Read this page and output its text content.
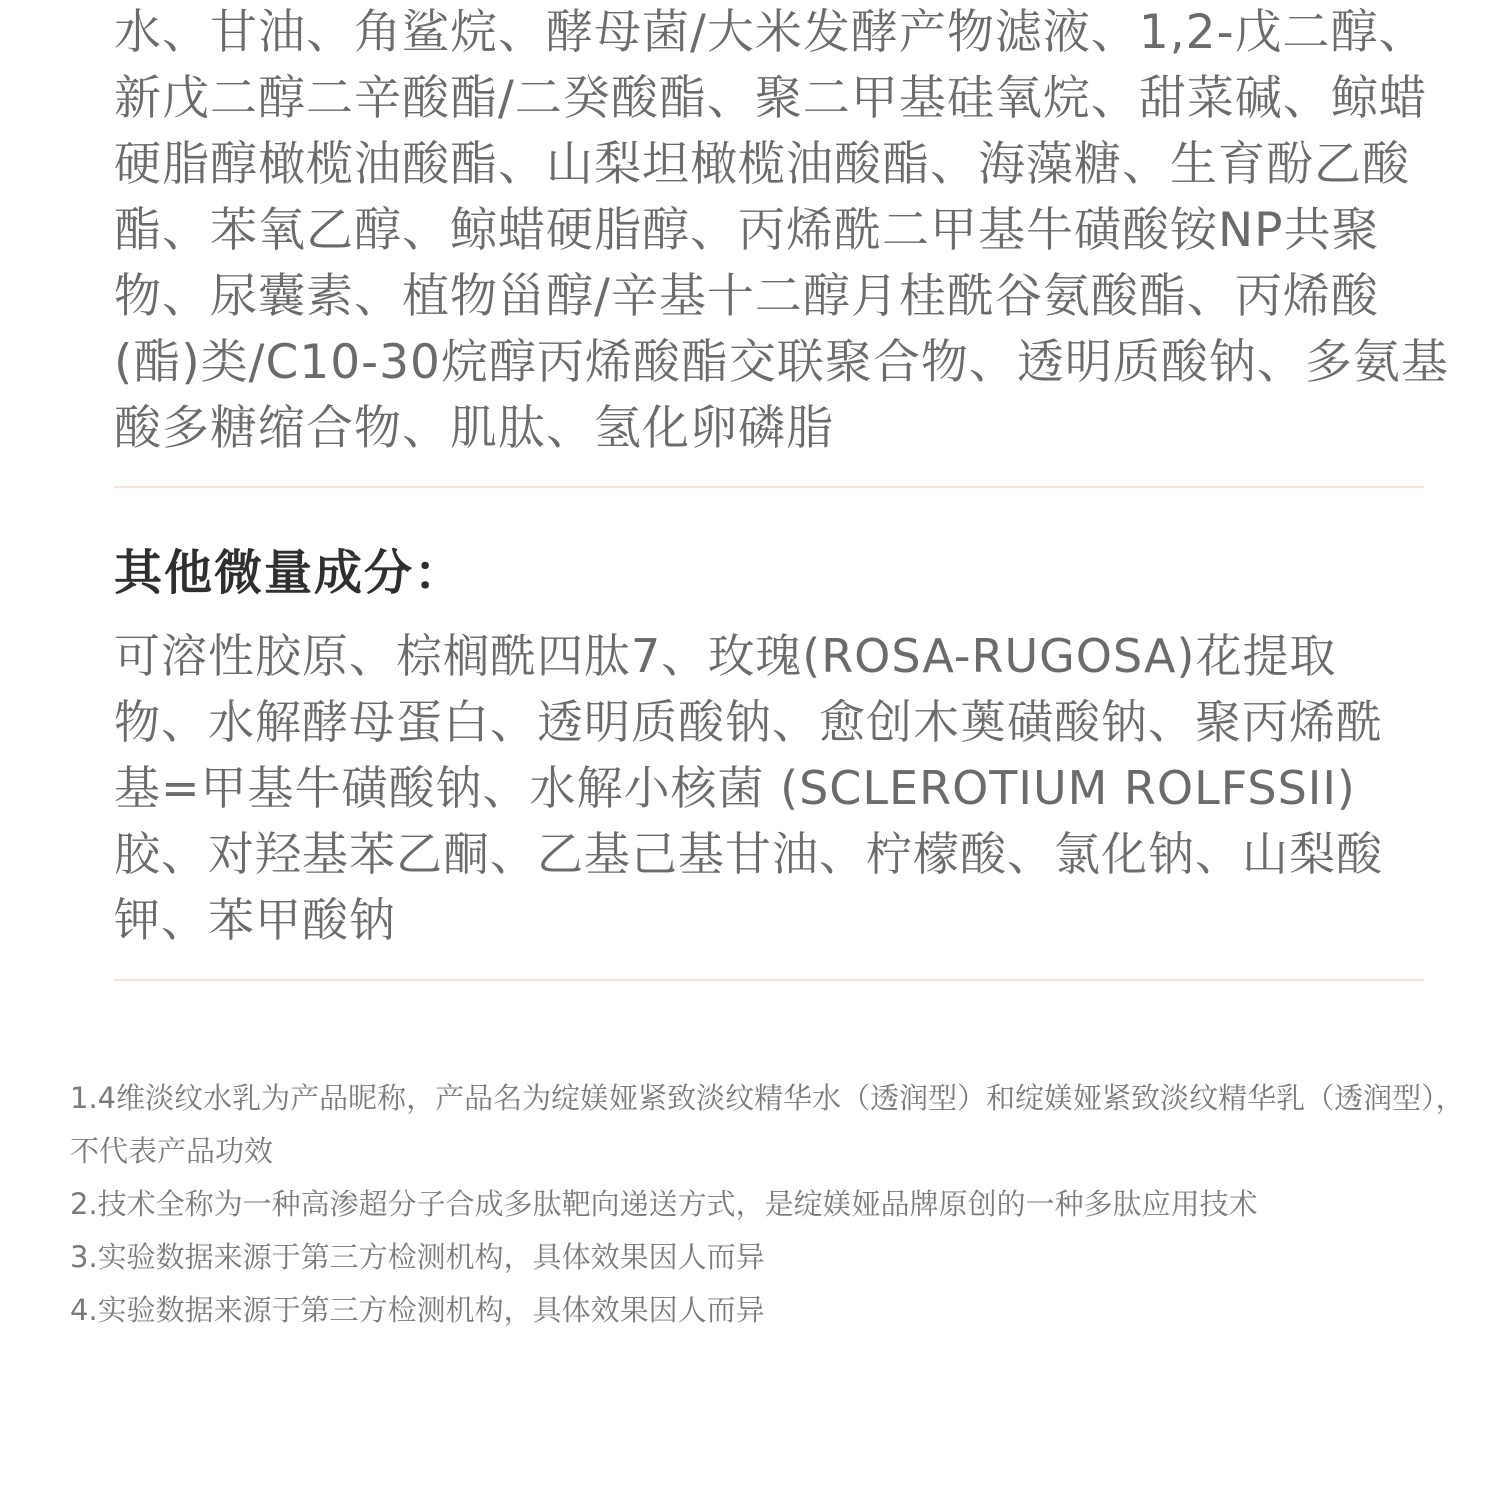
水、甘油、角鲨烷、酵母菌/大米发酵产物滤液、1,2-戊二醇、新戊二醇二辛酸酯/二癸酸酯、聚二甲基硅氧烷、甜菜碱、鲸蜡硬脂醇橄榄油酸酯、山梨坦橄榄油酸酯、海藻糖、生育酚乙酸酯、苯氧乙醇、鲸蜡硬脂醇、丙烯酰二甲基牛磺酸铵NP共聚物、尿囊素、植物甾醇/辛基十二醇月桂酰谷氨酸酯、丙烯酸(酯)类/C10-30烷醇丙烯酸酯交联聚合物、透明质酸钠、多氨基酸多糖缩合物、肌肽、氢化卵磷脂

其他微量成分：

可溶性胶原、棕榈酰四肽7、玫瑰(ROSA-RUGOSA)花提取物、水解酵母蛋白、透明质酸钠、愈创木薁磺酸钠、聚丙烯酰基=甲基牛磺酸钠、水解小核菌 (SCLEROTIUM ROLFSSII)胶、对羟基苯乙酮、乙基己基甘油、柠檬酸、氯化钠、山梨酸钾、苯甲酸钠

1.4维淡纹水乳为产品昵称，产品名为绽媄娅紧致淡纹精华水（透润型）和绽媄娅紧致淡纹精华乳（透润型），不代表产品功效
2.技术全称为一种高渗超分子合成多肽靶向递送方式，是绽媄娅品牌原创的一种多肽应用技术
3.实验数据来源于第三方检测机构，具体效果因人而异
4.实验数据来源于第三方检测机构，具体效果因人而异
